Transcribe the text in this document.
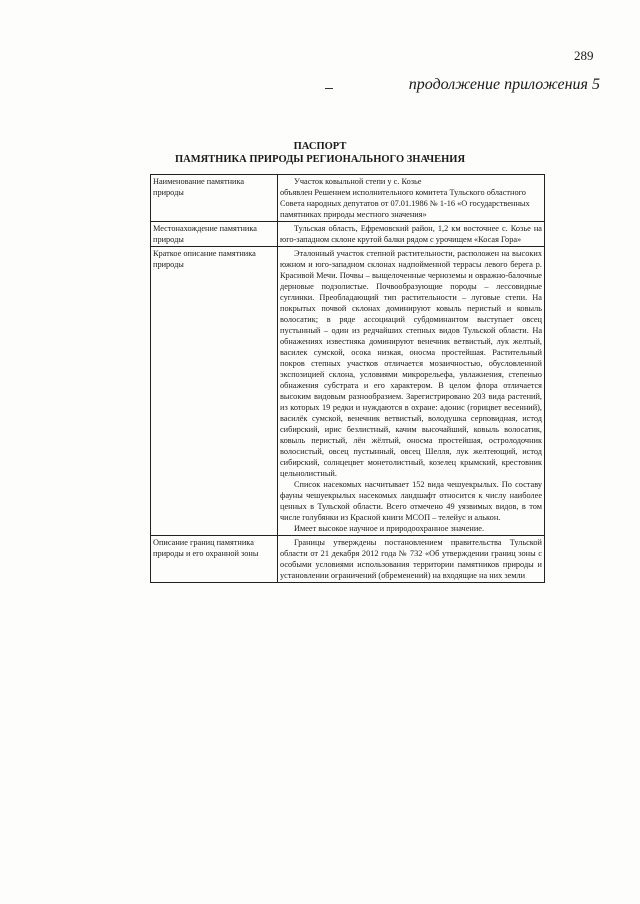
289
продолжение приложения 5
ПАСПОРТ
ПАМЯТНИКА ПРИРОДЫ РЕГИОНАЛЬНОГО ЗНАЧЕНИЯ
Наименование памятника природы	Участок ковыльной степи у с. Козье

объявлен Решением исполнительного комитета Тульского областного Совета народных депутатов от 07.01.1986 № 1-16 «О государственных памятниках природы местного значения»

Местонахождение памятника природы	Тульская область, Ефремовский район, 1,2 км восточнее с. Козье на юго-западном склоне крутой балки рядом с урочищем «Косая Гора»

Краткое описание памятника природы	Эталонный участок степной растительности, расположен на высоких южном и юго-западном склонах надпойменной террасы левого берега р. Красивой Мечи. Почвы – выщелоченные черноземы и овражно-балочные дерновые подзолистые. Почвообразующие породы – лессовидные суглинки. Преобладающий тип растительности – луговые степи. На покрытых почвой склонах доминируют ковыль перистый и ковыль волосатик; в ряде ассоциаций субдоминантом выступает овсец пустынный – один из редчайших степных видов Тульской области. На обнажениях известняка доминируют венечник ветвистый, лук желтый, василек сумской, осока низкая, оносма простейшая. Растительный покров степных участков отличается мозаичностью, обусловленной экспозицией склона, условиями микрорельефа, увлажнения, степенью обнажения субстрата и его характером. В целом флора отличается высоким видовым разнообразием. Зарегистрировано 203 вида растений, из которых 19 редки и нуждаются в охране: адонис (горицвет весенний), василёк сумской, венечник ветвистый, володушка серповидная, истод сибирский, ирис безлистный, качим высочайший, ковыль волосатик, ковыль перистый, лён жёлтый, оносма простейшая, остролодочник волосистый, овсец пустынный, овсец Шелля, лук желтеющий, истод сибирский, солнцецвет монетолистный, козелец крымский, крестовник цельнолистный.

Список насекомых насчитывает 152 вида чешуекрылых. По составу фауны чешуекрылых насекомых ландшафт относится к числу наиболее ценных в Тульской области. Всего отмечено 49 уязвимых видов, в том числе голубянки из Красной книги МСОП – телейус и алькон.

Имеет высокое научное и природоохранное значение.

Описание границ памятника природы и его охранной зоны	Границы утверждены постановлением правительства Тульской области от 21 декабря 2012 года № 732 «Об утверждении границ зоны с особыми условиями использования территории памятников природы и установлении ограничений (обременений) на входящие на них земли
